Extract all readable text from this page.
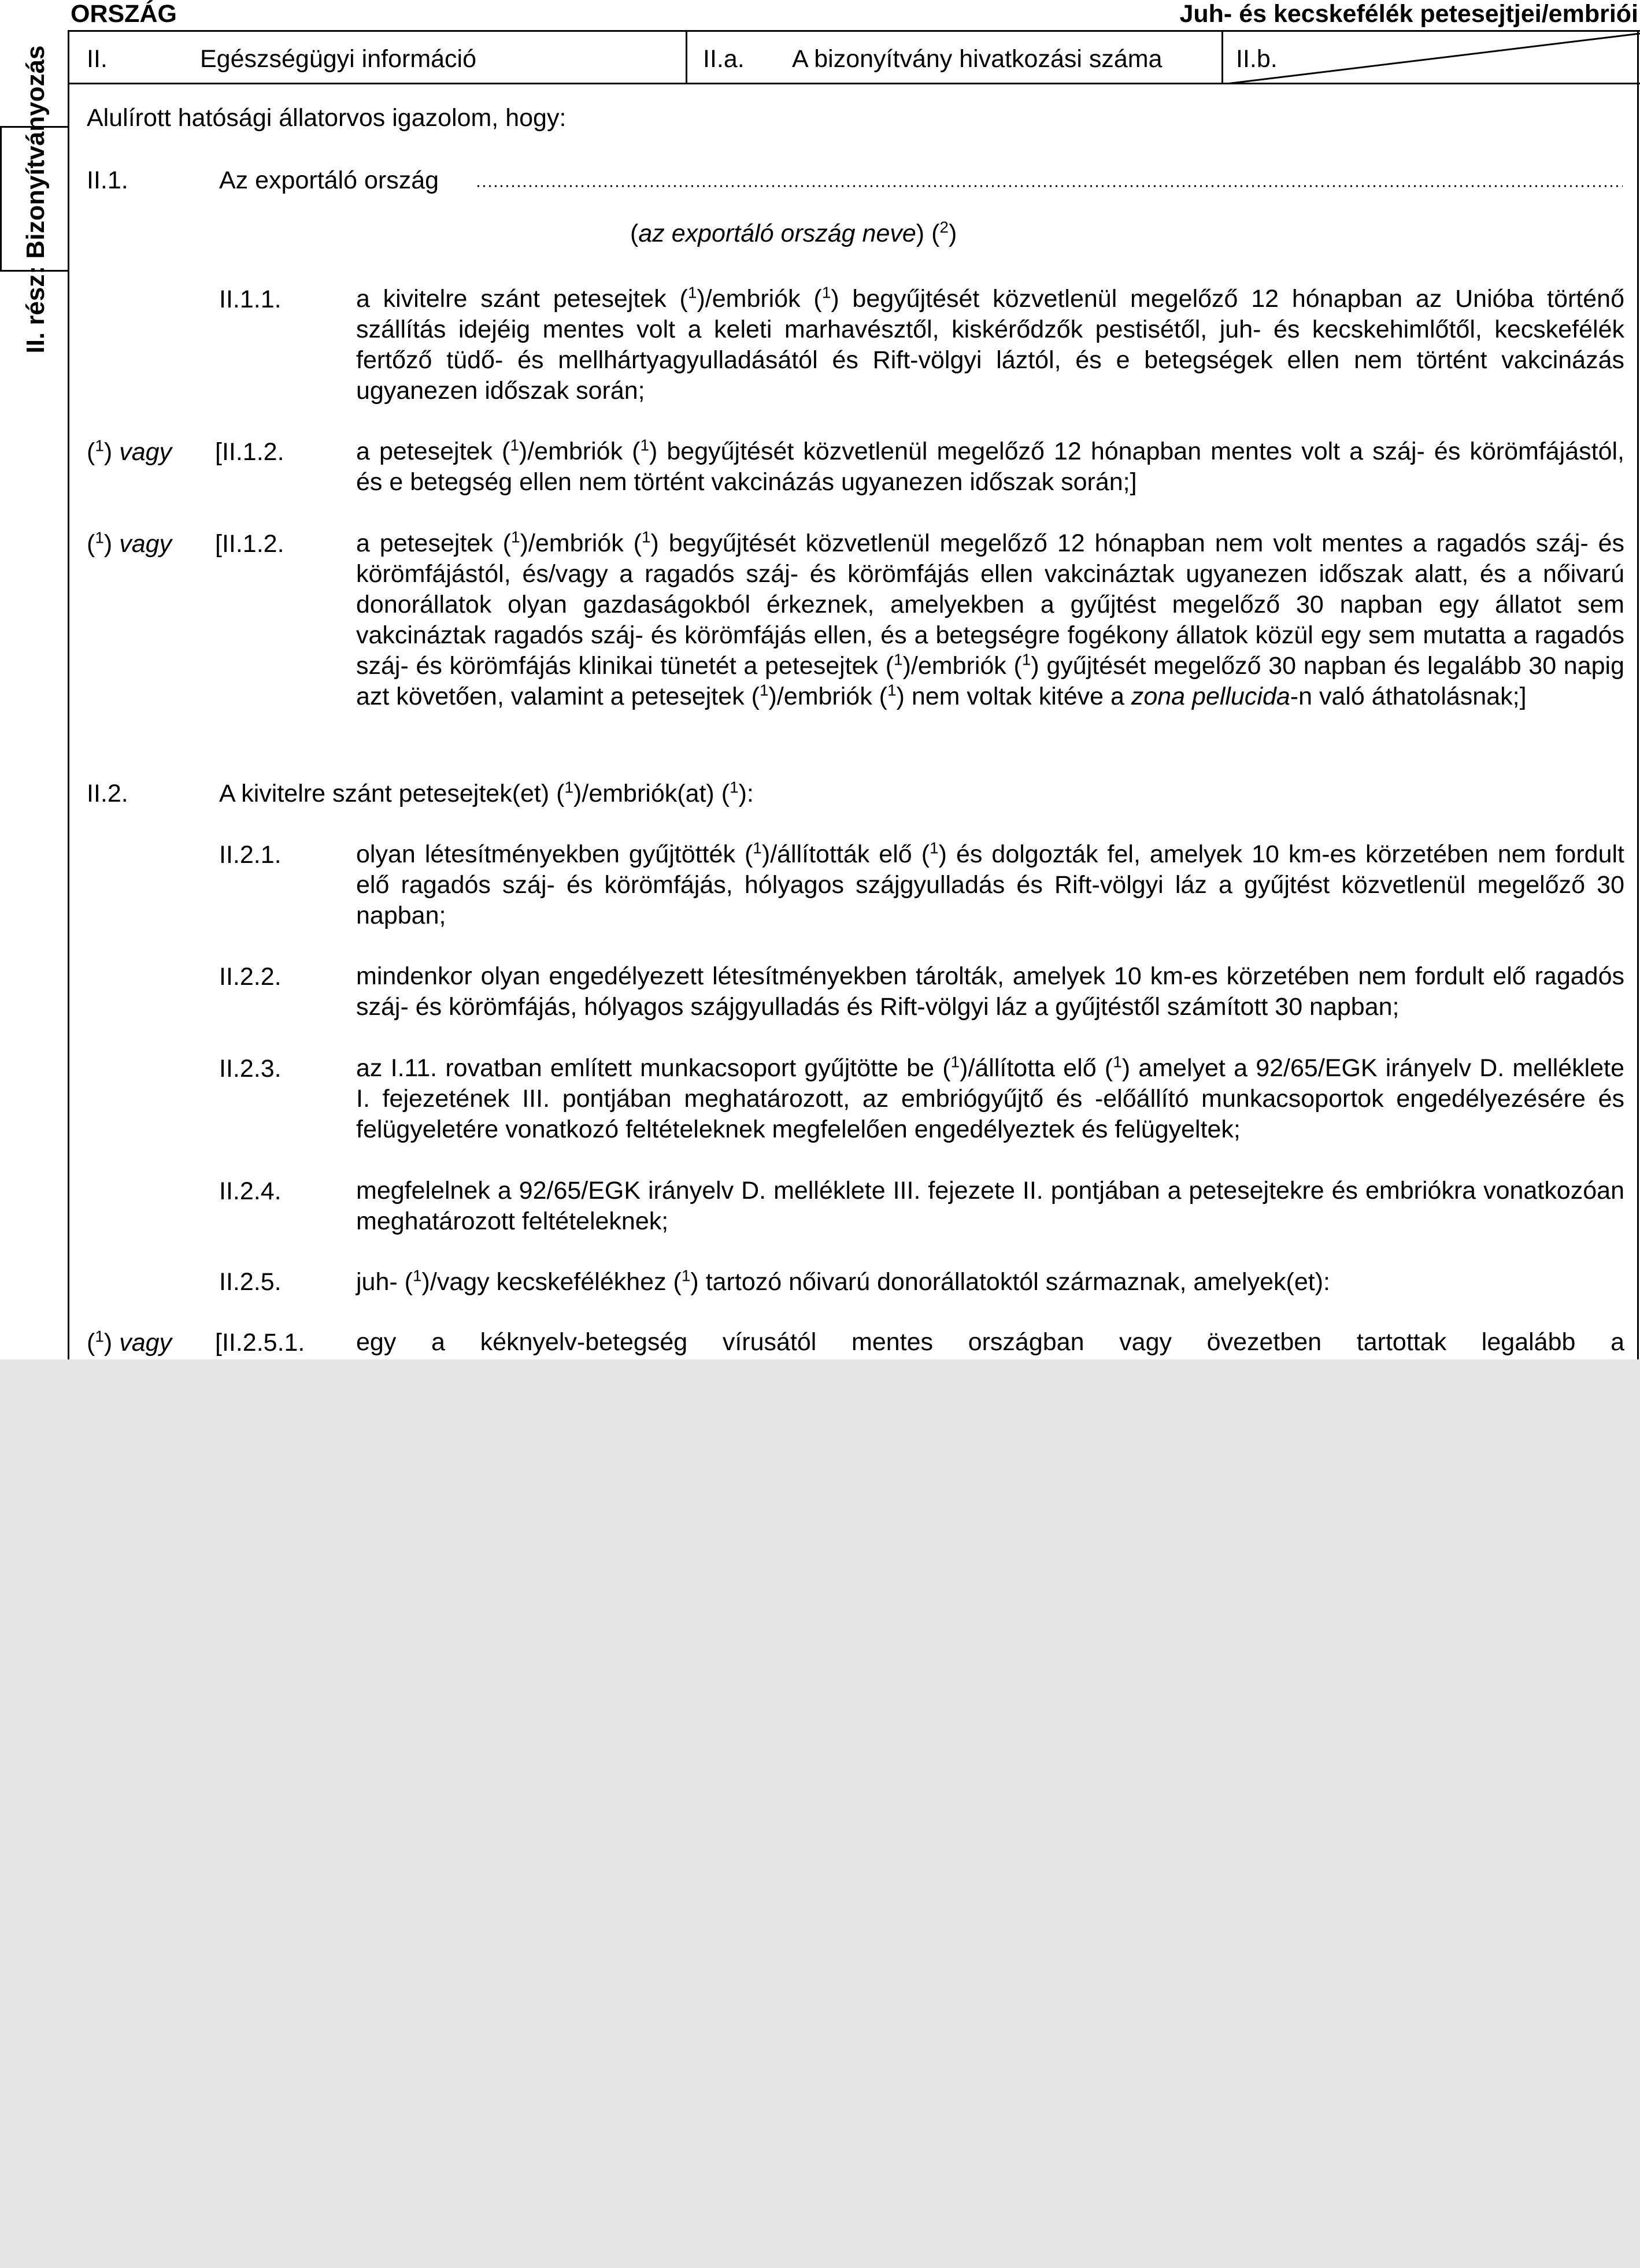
ORSZÁG	Juh- és kecskefélék petesejtjei/embriói
II. rész: Bizonyítványozás II.	Egészségügyi információ	II.a. A bizonyítvány hivatkozási száma	II.b.
Alulírott hatósági állatorvos igazolom, hogy:
II.1.	Az exportáló ország
(az exportáló ország neve) ($^2$)
II.1.1.	a kivitelre szánt petesejtek ($^1$)/embriók ($^1$) begyűjtését közvetlenül megelőző 12 hónapban az Unióba történő szállítás idejéig mentes volt a keleti marhavésztől, kiskérődzők pestisétől, juh- és kecskehimlőtől, kecskefélék fertőző tüdő- és mellhártyagyulladásától és Rift-völgyi láztól, és e betegségek ellen nem történt vakcinázás ugyanezen időszak során;
($^1$) vagy [II.1.2.	a petesejtek ($^1$)/embriók ($^1$) begyűjtését közvetlenül megelőző 12 hónapban mentes volt a száj- és körömfájástól, és e betegség ellen nem történt vakcinázás ugyanezen időszak során;]
($^1$) vagy [II.1.2.	a petesejtek ($^1$)/embriók ($^1$) begyűjtését közvetlenül megelőző 12 hónapban nem volt mentes a ragadós száj- és körömfájástól, és/vagy a ragadós száj- és körömfájás ellen vakcináztak ugyanezen időszak alatt, és a nőivarú donorállatok olyan gazdaságokból érkeznek, amelyekben a gyűjtést megelőző 30 napban egy állatot sem vakcináztak ragadós száj- és körömfájás ellen, és a betegségre fogékony állatok közül egy sem mutatta a ragadós száj- és körömfájás klinikai tünetét a petesejtek ($^1$)/embriók ($^1$) gyűjtését megelőző 30 napban és legalább 30 napig azt követően, valamint a petesejtek ($^1$)/embriók ($^1$) nem voltak kitéve a zona pellucida-n való áthatolásnak;]
II.2.	A kivitelre szánt petesejtek(et) ($^1$)/embriók(at) ($^1$):
II.2.1.	olyan létesítményekben gyűjtötték ($^1$)/állították elő ($^1$) és dolgozták fel, amelyek 10 km-es körzetében nem fordult elő ragadós száj- és körömfájás, hólyagos szájgyulladás és Rift-völgyi láz a gyűjtést közvetlenül megelőző 30 napban;
II.2.2.	mindenkor olyan engedélyezett létesítményekben tárolták, amelyek 10 km-es körzetében nem fordult elő ragadós száj- és körömfájás, hólyagos szájgyulladás és Rift-völgyi láz a gyűjtéstől számított 30 napban;
II.2.3.	az I.11. rovatban említett munkacsoport gyűjtötte be ($^1$)/állította elő ($^1$) amelyet a 92/65/EGK irányelv D. melléklete I. fejezetének III. pontjában meghatározott, az embriógyűjtő és -előállító munkacsoportok engedélyezésére és felügyeletére vonatkozó feltételeknek megfelelően engedélyeztek és felügyeltek;
II.2.4.	megfelelnek a 92/65/EGK irányelv D. melléklete III. fejezete II. pontjában a petesejtekre és embriókra vonatkozóan meghatározott feltételeknek;
II.2.5.	juh- ($^1$)/vagy kecskefélékhez ($^1$) tartozó nőivarú donorállatoktól származnak, amelyek(et):
($^1$) vagy [II.2.5.1. egy a kéknyelv-betegség vírusától mentes országban vagy övezetben tartottak legalább a
